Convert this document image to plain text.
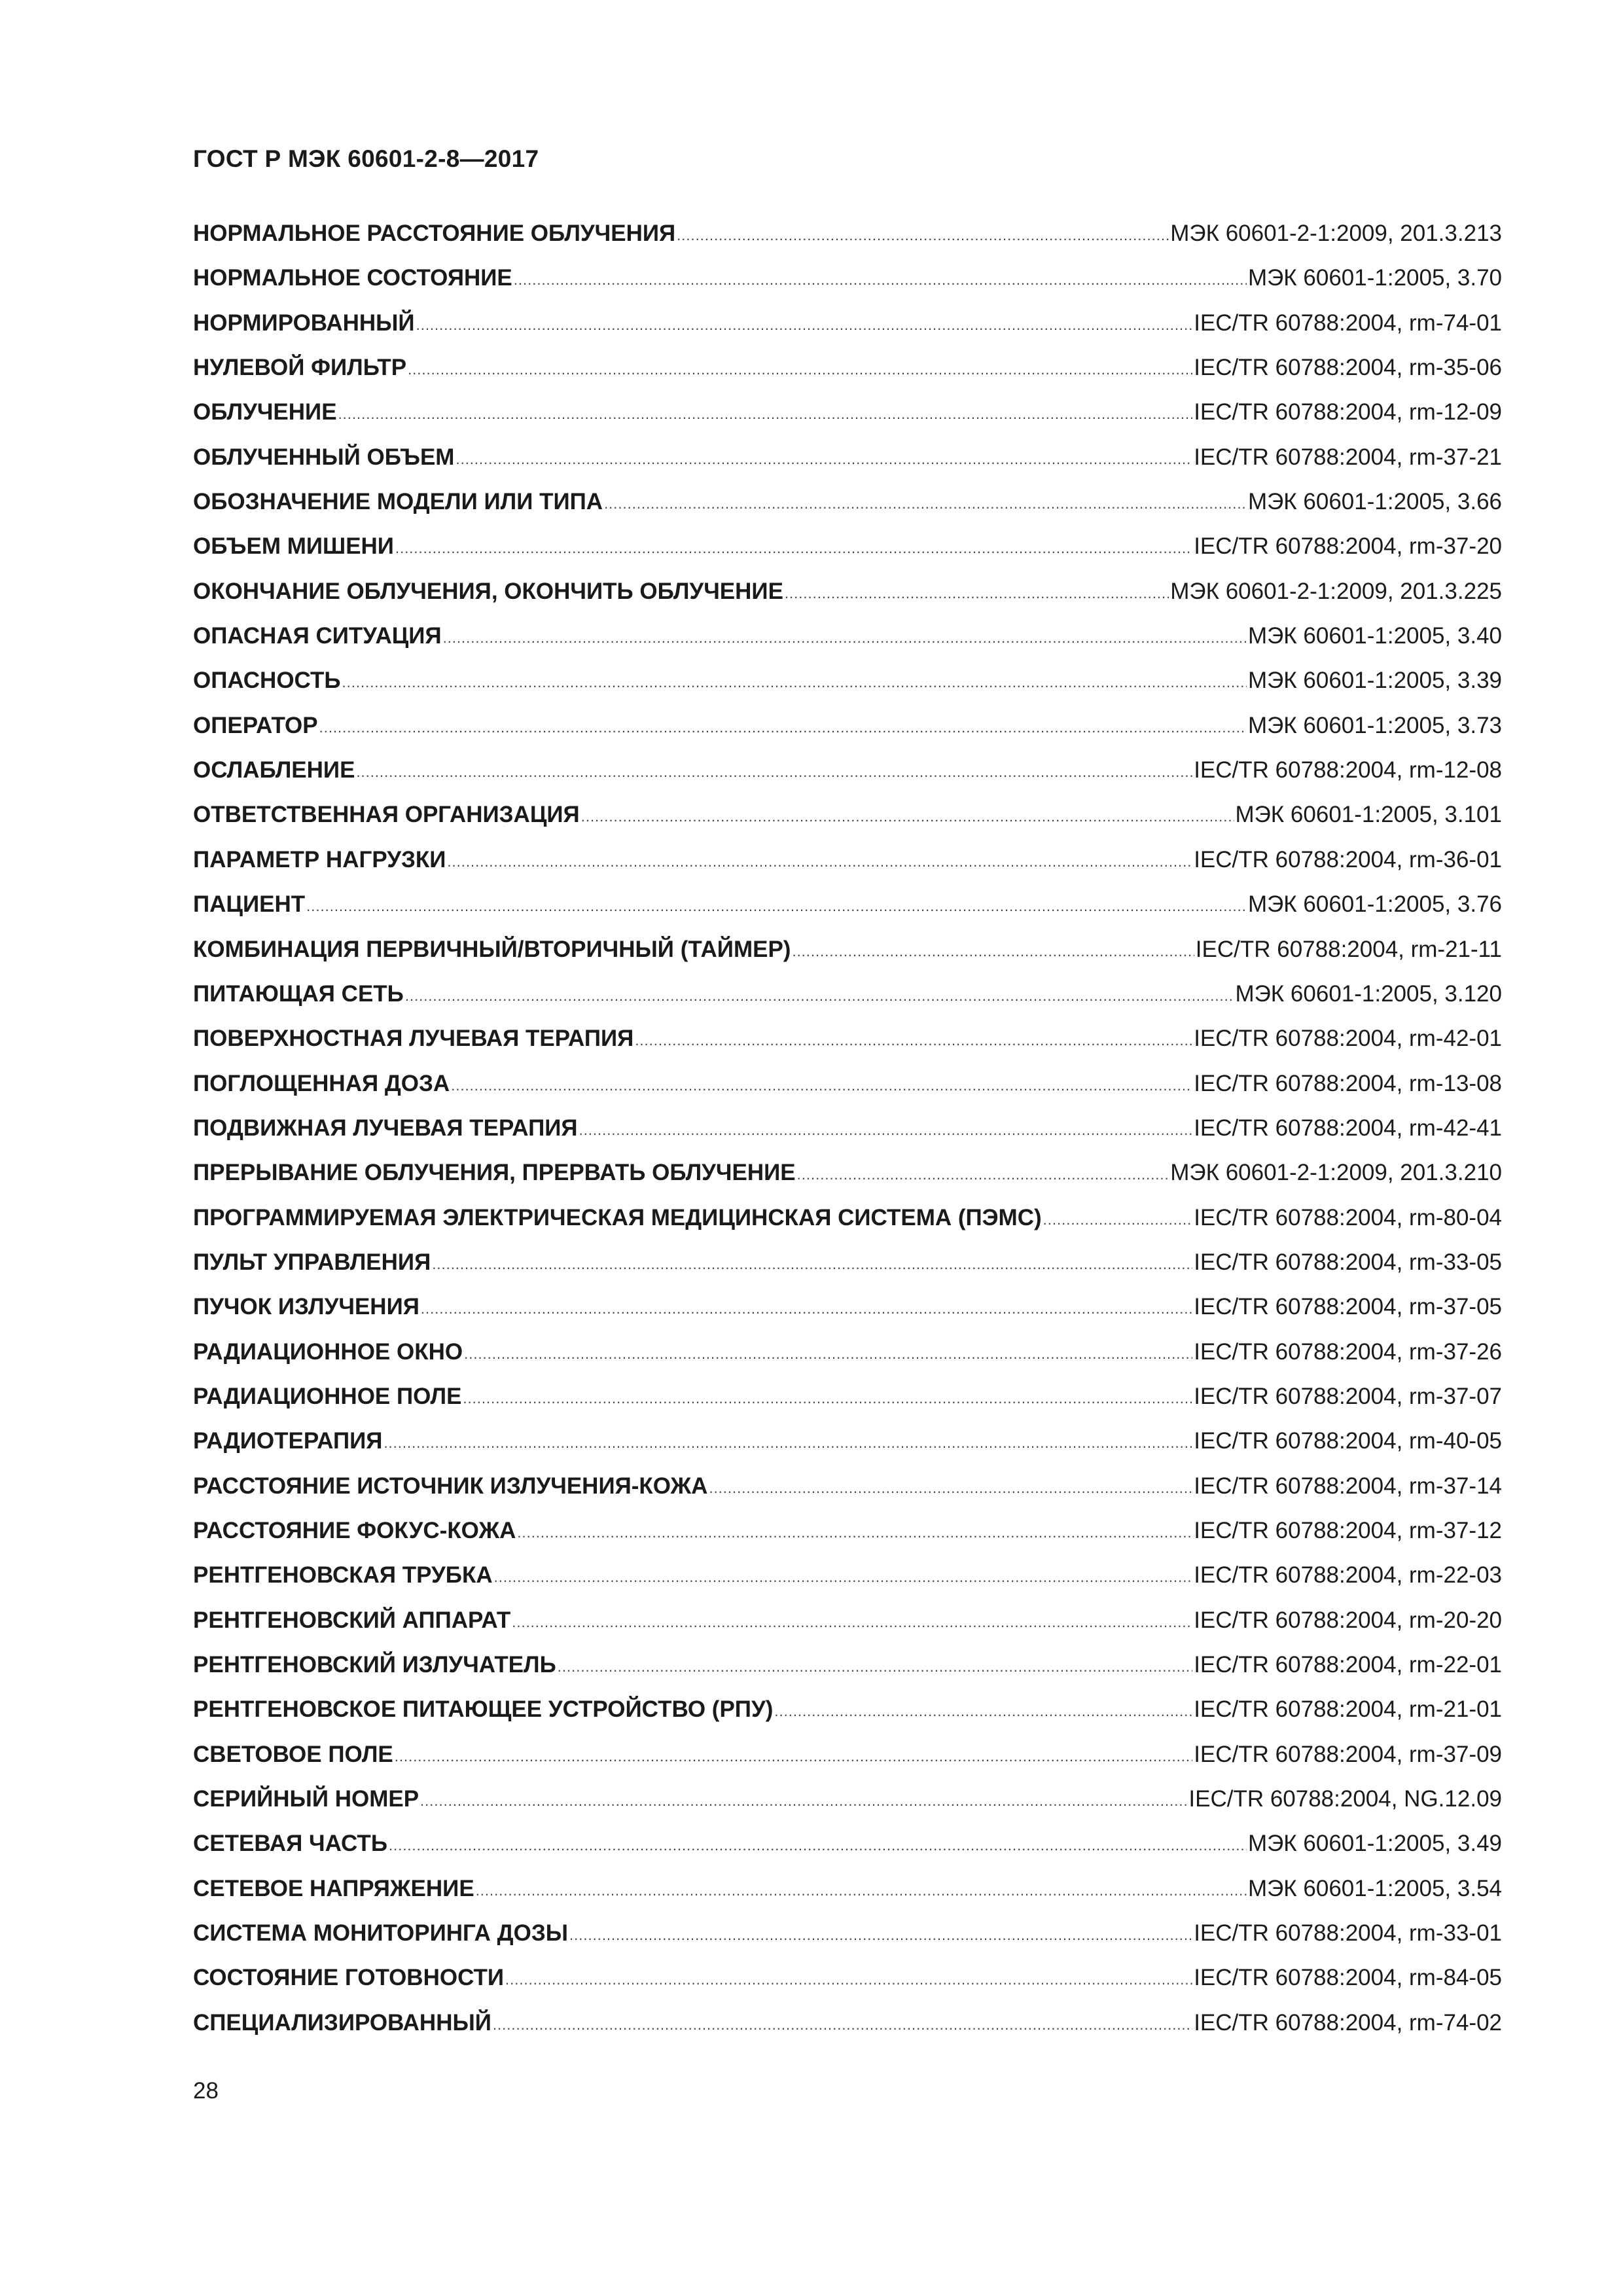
ГОСТ Р МЭК 60601-2-8—2017
НОРМАЛЬНОЕ РАССТОЯНИЕ ОБЛУЧЕНИЯ .....	МЭК 60601-2-1:2009, 201.3.213
НОРМАЛЬНОЕ СОСТОЯНИЕ .....	МЭК 60601-1:2005, 3.70
НОРМИРОВАННЫЙ .....	IEC/TR 60788:2004, rm-74-01
НУЛЕВОЙ ФИЛЬТР .....	IEC/TR 60788:2004, rm-35-06
ОБЛУЧЕНИЕ .....	IEC/TR 60788:2004, rm-12-09
ОБЛУЧЕННЫЙ ОБЪЕМ .....	IEC/TR 60788:2004, rm-37-21
ОБОЗНАЧЕНИЕ МОДЕЛИ ИЛИ ТИПА .....	МЭК 60601-1:2005, 3.66
ОБЪЕМ МИШЕНИ .....	IEC/TR 60788:2004, rm-37-20
ОКОНЧАНИЕ ОБЛУЧЕНИЯ, ОКОНЧИТЬ ОБЛУЧЕНИЕ .....	МЭК 60601-2-1:2009, 201.3.225
ОПАСНАЯ СИТУАЦИЯ .....	МЭК 60601-1:2005, 3.40
ОПАСНОСТЬ .....	МЭК 60601-1:2005, 3.39
ОПЕРАТОР .....	МЭК 60601-1:2005, 3.73
ОСЛАБЛЕНИЕ .....	IEC/TR 60788:2004, rm-12-08
ОТВЕТСТВЕННАЯ ОРГАНИЗАЦИЯ .....	МЭК 60601-1:2005, 3.101
ПАРАМЕТР НАГРУЗКИ .....	IEC/TR 60788:2004, rm-36-01
ПАЦИЕНТ .....	МЭК 60601-1:2005, 3.76
КОМБИНАЦИЯ ПЕРВИЧНЫЙ/ВТОРИЧНЫЙ (ТАЙМЕР) .....	IEC/TR 60788:2004, rm-21-11
ПИТАЮЩАЯ СЕТЬ .....	МЭК 60601-1:2005, 3.120
ПОВЕРХНОСТНАЯ ЛУЧЕВАЯ ТЕРАПИЯ .....	IEC/TR 60788:2004, rm-42-01
ПОГЛОЩЕННАЯ ДОЗА .....	IEC/TR 60788:2004, rm-13-08
ПОДВИЖНАЯ ЛУЧЕВАЯ ТЕРАПИЯ .....	IEC/TR 60788:2004, rm-42-41
ПРЕРЫВАНИЕ ОБЛУЧЕНИЯ, ПРЕРВАТЬ ОБЛУЧЕНИЕ .....	МЭК 60601-2-1:2009, 201.3.210
ПРОГРАММИРУЕМАЯ ЭЛЕКТРИЧЕСКАЯ МЕДИЦИНСКАЯ СИСТЕМА (ПЭМС) .....	IEC/TR 60788:2004, rm-80-04
ПУЛЬТ УПРАВЛЕНИЯ .....	IEC/TR 60788:2004, rm-33-05
ПУЧОК ИЗЛУЧЕНИЯ .....	IEC/TR 60788:2004, rm-37-05
РАДИАЦИОННОЕ ОКНО .....	IEC/TR 60788:2004, rm-37-26
РАДИАЦИОННОЕ ПОЛЕ .....	IEC/TR 60788:2004, rm-37-07
РАДИОТЕРАПИЯ .....	IEC/TR 60788:2004, rm-40-05
РАССТОЯНИЕ ИСТОЧНИК ИЗЛУЧЕНИЯ-КОЖА .....	IEC/TR 60788:2004, rm-37-14
РАССТОЯНИЕ ФОКУС-КОЖА .....	IEC/TR 60788:2004, rm-37-12
РЕНТГЕНОВСКАЯ ТРУБКА .....	IEC/TR 60788:2004, rm-22-03
РЕНТГЕНОВСКИЙ АППАРАТ .....	IEC/TR 60788:2004, rm-20-20
РЕНТГЕНОВСКИЙ ИЗЛУЧАТЕЛЬ .....	IEC/TR 60788:2004, rm-22-01
РЕНТГЕНОВСКОЕ ПИТАЮЩЕЕ УСТРОЙСТВО (РПУ) .....	IEC/TR 60788:2004, rm-21-01
СВЕТОВОЕ ПОЛЕ .....	IEC/TR 60788:2004, rm-37-09
СЕРИЙНЫЙ НОМЕР .....	IEC/TR 60788:2004, NG.12.09
СЕТЕВАЯ ЧАСТЬ .....	МЭК 60601-1:2005, 3.49
СЕТЕВОЕ НАПРЯЖЕНИЕ .....	МЭК 60601-1:2005, 3.54
СИСТЕМА МОНИТОРИНГА ДОЗЫ .....	IEC/TR 60788:2004, rm-33-01
СОСТОЯНИЕ ГОТОВНОСТИ .....	IEC/TR 60788:2004, rm-84-05
СПЕЦИАЛИЗИРОВАННЫЙ .....	IEC/TR 60788:2004, rm-74-02
28
